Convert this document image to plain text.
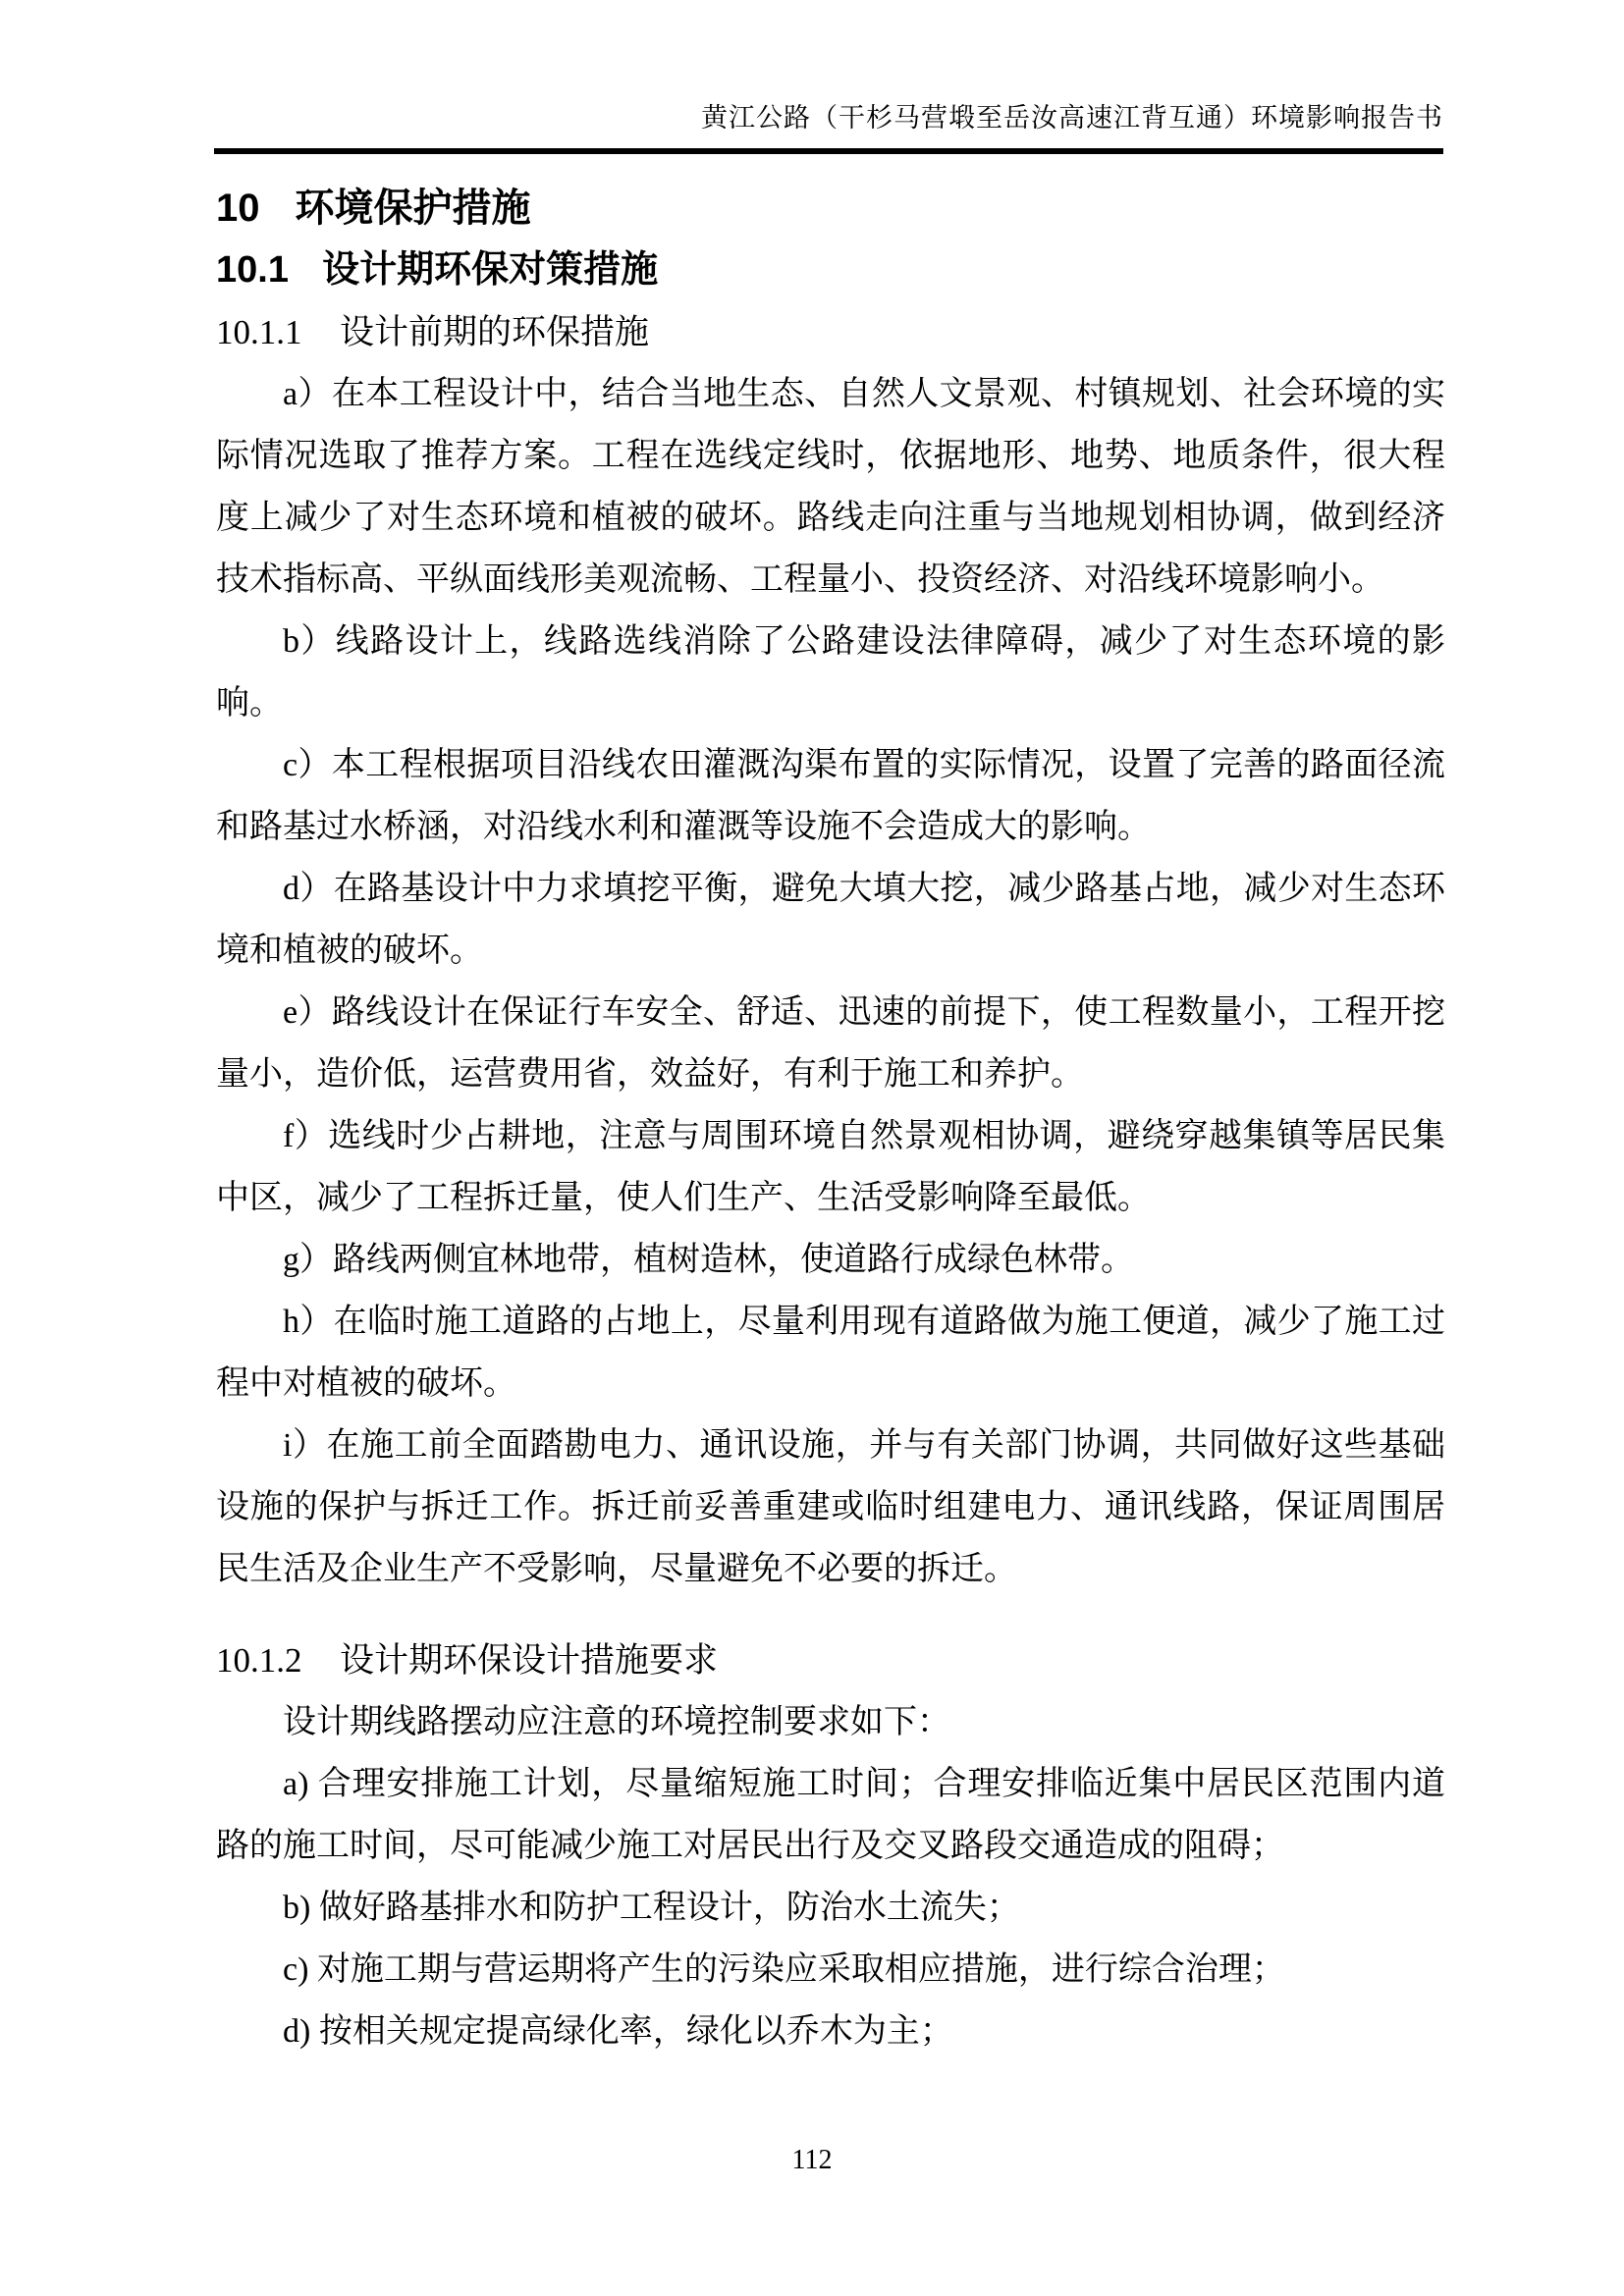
黄江公路（干杉马营塅至岳汝高速江背互通）环境影响报告书
10 环境保护措施
10.1 设计期环保对策措施
10.1.1 设计前期的环保措施

a）在本工程设计中，结合当地生态、自然人文景观、村镇规划、社会环境的实际情况选取了推荐方案。工程在选线定线时，依据地形、地势、地质条件，很大程度上减少了对生态环境和植被的破坏。路线走向注重与当地规划相协调，做到经济技术指标高、平纵面线形美观流畅、工程量小、投资经济、对沿线环境影响小。

b）线路设计上，线路选线消除了公路建设法律障碍，减少了对生态环境的影响。

c）本工程根据项目沿线农田灌溉沟渠布置的实际情况，设置了完善的路面径流和路基过水桥涵，对沿线水利和灌溉等设施不会造成大的影响。

d）在路基设计中力求填挖平衡，避免大填大挖，减少路基占地，减少对生态环境和植被的破坏。

e）路线设计在保证行车安全、舒适、迅速的前提下，使工程数量小，工程开挖量小，造价低，运营费用省，效益好，有利于施工和养护。

f）选线时少占耕地，注意与周围环境自然景观相协调，避绕穿越集镇等居民集中区，减少了工程拆迁量，使人们生产、生活受影响降至最低。

g）路线两侧宜林地带，植树造林，使道路行成绿色林带。

h）在临时施工道路的占地上，尽量利用现有道路做为施工便道，减少了施工过程中对植被的破坏。

i）在施工前全面踏勘电力、通讯设施，并与有关部门协调，共同做好这些基础设施的保护与拆迁工作。拆迁前妥善重建或临时组建电力、通讯线路，保证周围居民生活及企业生产不受影响，尽量避免不必要的拆迁。

10.1.2 设计期环保设计措施要求

设计期线路摆动应注意的环境控制要求如下：

a) 合理安排施工计划，尽量缩短施工时间；合理安排临近集中居民区范围内道路的施工时间，尽可能减少施工对居民出行及交叉路段交通造成的阻碍；

b) 做好路基排水和防护工程设计，防治水土流失；

c) 对施工期与营运期将产生的污染应采取相应措施，进行综合治理；

d) 按相关规定提高绿化率，绿化以乔木为主；

112
